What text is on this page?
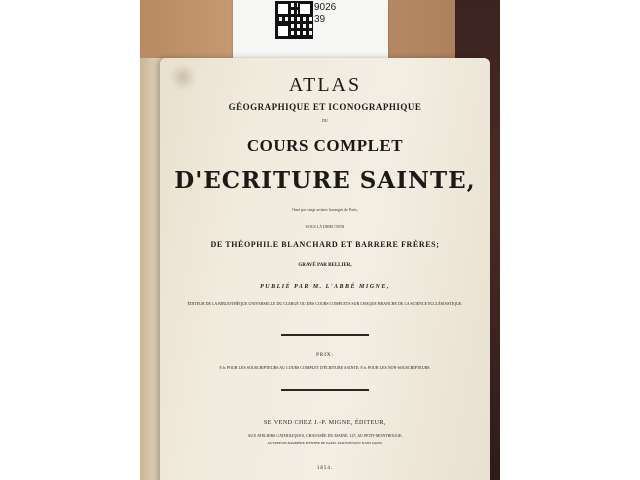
9026
39
ATLAS
GÉOGRAPHIQUE ET ICONOGRAPHIQUE
DU
COURS COMPLET
D'ECRITURE SAINTE,
Orné par vingt artistes hontogés de Paris,
SOUS LA DIRECTION
DE THÉOPHILE BLANCHARD ET BARRERE FRÈRES;
GRAVÉ PAR BELLIER,
PUBLIÉ PAR M. L'ABBÉ MIGNE,
ÉDITEUR DE LA BIBLIOTHÈQUE UNIVERSELLE DU CLERGÉ OU DES COURS COMPLETS SUR CHAQUE BRANCHE DE LA SCIENCE ECCLÉSIASTIQUE.
PRIX:
8 fr. POUR LES SOUSCRIPTEURS AU COURS COMPLET D'ÉCRITURE SAINTE; 8 fr. POUR LES NON-SOUSCRIPTEURS.
SE VEND CHEZ J.-P. MIGNE, ÉDITEUR,
AUX ATELIERS CATHOLIQUES, CHAUSSÉE DU MAINE, 127, AU PETIT-MONTROUGE,
AUTREFOIS BARRIÈRE D'ENFER DE PARIS, MAINTENANT DANS PARIS.
1854.
